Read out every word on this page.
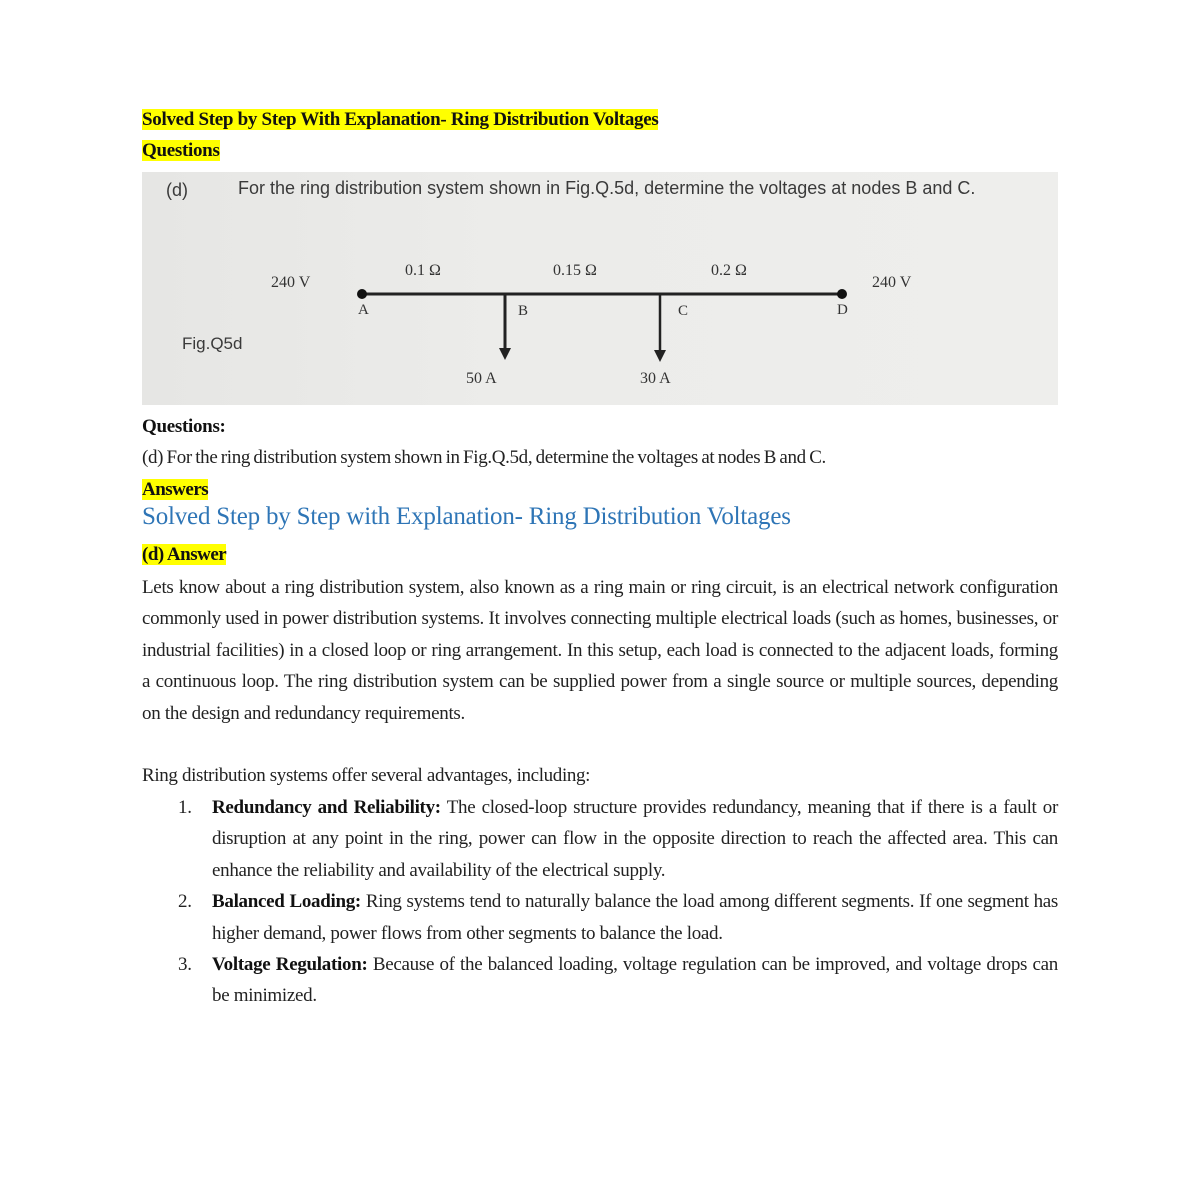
Solved Step by Step With Explanation- Ring Distribution Voltages
Questions
(d)	For the ring distribution system shown in Fig.Q.5d, determine the voltages at nodes B and C.
Fig.Q5d
240 V
0.1 Ω	0.15 Ω	0.2 Ω
240 V
A	B	C	D
50 A	30 A
Questions:
(d) For the ring distribution system shown in Fig.Q.5d, determine the voltages at nodes B and C.
Answers
Solved Step by Step with Explanation- Ring Distribution Voltages
(d) Answer
Lets know about a ring distribution system, also known as a ring main or ring circuit, is an electrical network configuration commonly used in power distribution systems. It involves connecting multiple electrical loads (such as homes, businesses, or industrial facilities) in a closed loop or ring arrangement. In this setup, each load is connected to the adjacent loads, forming a continuous loop. The ring distribution system can be supplied power from a single source or multiple sources, depending on the design and redundancy requirements.
Ring distribution systems offer several advantages, including:
1. Redundancy and Reliability: The closed-loop structure provides redundancy, meaning that if there is a fault or disruption at any point in the ring, power can flow in the opposite direction to reach the affected area. This can enhance the reliability and availability of the electrical supply.
2. Balanced Loading: Ring systems tend to naturally balance the load among different segments. If one segment has higher demand, power flows from other segments to balance the load.
3. Voltage Regulation: Because of the balanced loading, voltage regulation can be improved, and voltage drops can be minimized.
